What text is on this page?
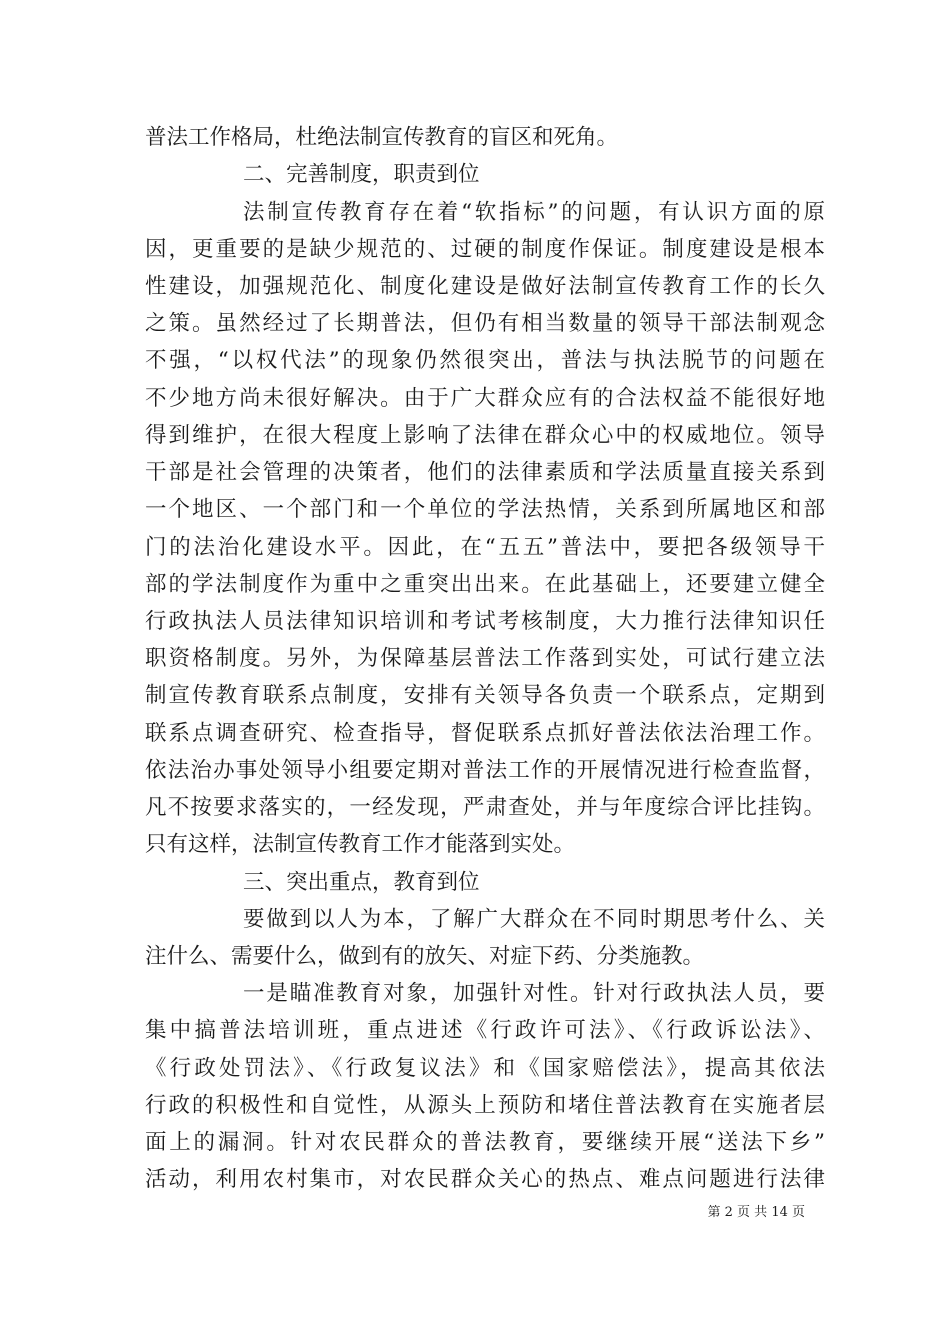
普法工作格局，杜绝法制宣传教育的盲区和死角。
二、完善制度，职责到位
法制宣传教育存在着“软指标”的问题，有认识方面的原
因，更重要的是缺少规范的、过硬的制度作保证。制度建设是根本
性建设，加强规范化、制度化建设是做好法制宣传教育工作的长久
之策。虽然经过了长期普法，但仍有相当数量的领导干部法制观念
不强，“以权代法”的现象仍然很突出，普法与执法脱节的问题在
不少地方尚未很好解决。由于广大群众应有的合法权益不能很好地
得到维护，在很大程度上影响了法律在群众心中的权威地位。领导
干部是社会管理的决策者，他们的法律素质和学法质量直接关系到
一个地区、一个部门和一个单位的学法热情，关系到所属地区和部
门的法治化建设水平。因此，在“五五”普法中，要把各级领导干
部的学法制度作为重中之重突出出来。在此基础上，还要建立健全
行政执法人员法律知识培训和考试考核制度，大力推行法律知识任
职资格制度。另外，为保障基层普法工作落到实处，可试行建立法
制宣传教育联系点制度，安排有关领导各负责一个联系点，定期到
联系点调查研究、检查指导，督促联系点抓好普法依法治理工作。
依法治办事处领导小组要定期对普法工作的开展情况进行检查监督，
凡不按要求落实的，一经发现，严肃查处，并与年度综合评比挂钩。
只有这样，法制宣传教育工作才能落到实处。
三、突出重点，教育到位
要做到以人为本，了解广大群众在不同时期思考什么、关
注什么、需要什么，做到有的放矢、对症下药、分类施教。
一是瞄准教育对象，加强针对性。针对行政执法人员，要
集中搞普法培训班，重点进述《行政许可法》、《行政诉讼法》、
《行政处罚法》、《行政复议法》和《国家赔偿法》，提高其依法
行政的积极性和自觉性，从源头上预防和堵住普法教育在实施者层
面上的漏洞。针对农民群众的普法教育，要继续开展“送法下乡”
活动，利用农村集市，对农民群众关心的热点、难点问题进行法律
第 2 页 共 14 页
